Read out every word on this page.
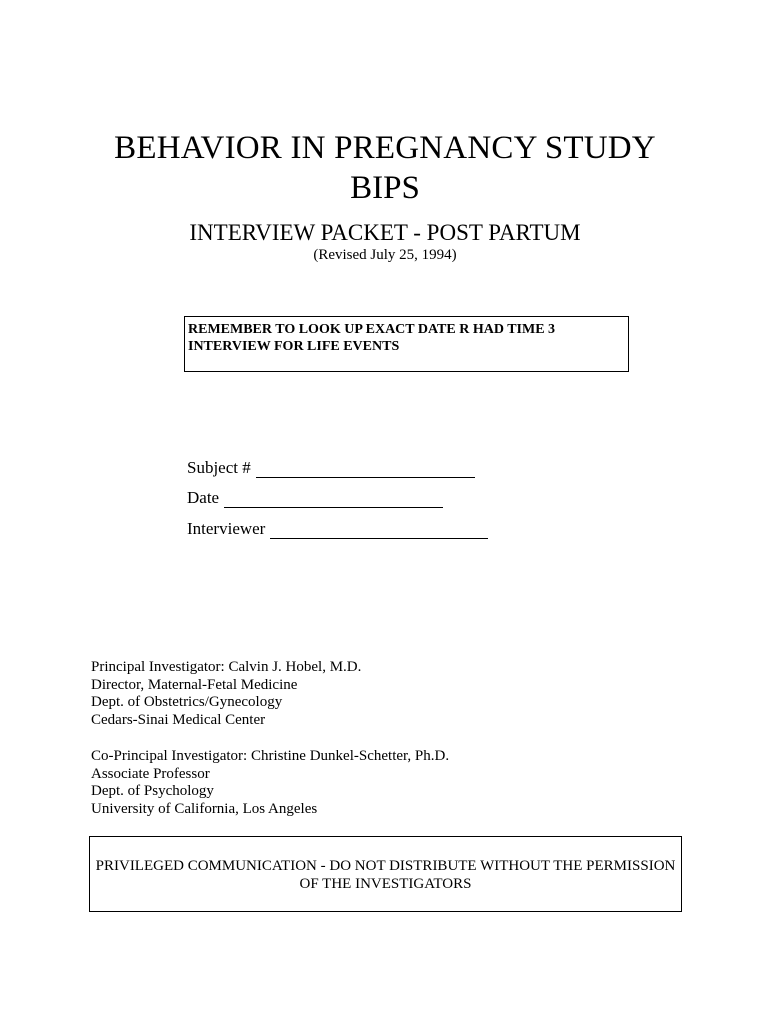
BEHAVIOR IN PREGNANCY STUDY
BIPS
INTERVIEW PACKET - POST PARTUM
(Revised July 25, 1994)
REMEMBER TO LOOK UP EXACT DATE R HAD TIME 3
INTERVIEW FOR LIFE EVENTS
Subject #
Date
Interviewer
Principal Investigator: Calvin J. Hobel, M.D.
Director, Maternal-Fetal Medicine
Dept. of Obstetrics/Gynecology
Cedars-Sinai Medical Center
Co-Principal Investigator: Christine Dunkel-Schetter, Ph.D.
Associate Professor
Dept. of Psychology
University of California, Los Angeles
PRIVILEGED COMMUNICATION - DO NOT DISTRIBUTE WITHOUT THE PERMISSION
OF THE INVESTIGATORS
